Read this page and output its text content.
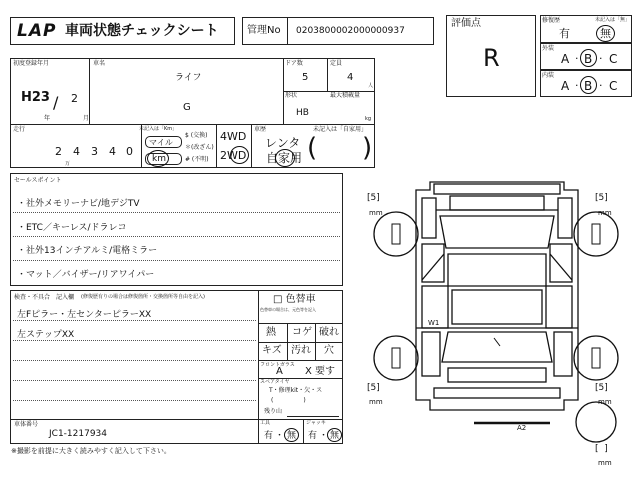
LAP 車両状態チェックシート	管理No 0203800002000000937
評価点
R
修復歴	未記入は「無」
有	無
外装
A · B · C
内装
A · B · C
初度登録年月
H23 / 2
年	月
車名
ライフ
G
ドア数
5
定員
4
人
形状
HB
最大積載量
kg
走行
2 4 3 4 0
万
未記入は「Km」
マイル
km
$ (交換)
＊(改ざん)
# (不明)
4WD
2WD
車歴	未記入は「自家用」
レンタ
自家用 ( )
セールスポイント
・社外メモリーナビ/地デジTV
・ETC／キーレス/ドラレコ
・社外13インチアルミ/電格ミラー
・マット／バイザー/リアワイパー
検査・不具合　記入欄 (修復歴有りの場合は修復箇所・交換箇所等自由を記入)
左Fピラー・左センターピラーXX
左ステップXX
□ 色替車
色替車の場合は、元色等を記入
熱 コゲ 破れ
キズ 汚れ 穴
フロントガラス
A X 要す
スペアタイヤ
T・修理kit・欠・ス
(　　　　　)
残り山
車体番号
JC1-1217934
工具
有 ・ 無
ジャッキ
有 ・ 無
※撮影を前提に大きく読みやすく記入して下さい。
W1
A2
[5]
mm
[5]
mm
[5]
mm
[5]
mm
[  ]
mm
